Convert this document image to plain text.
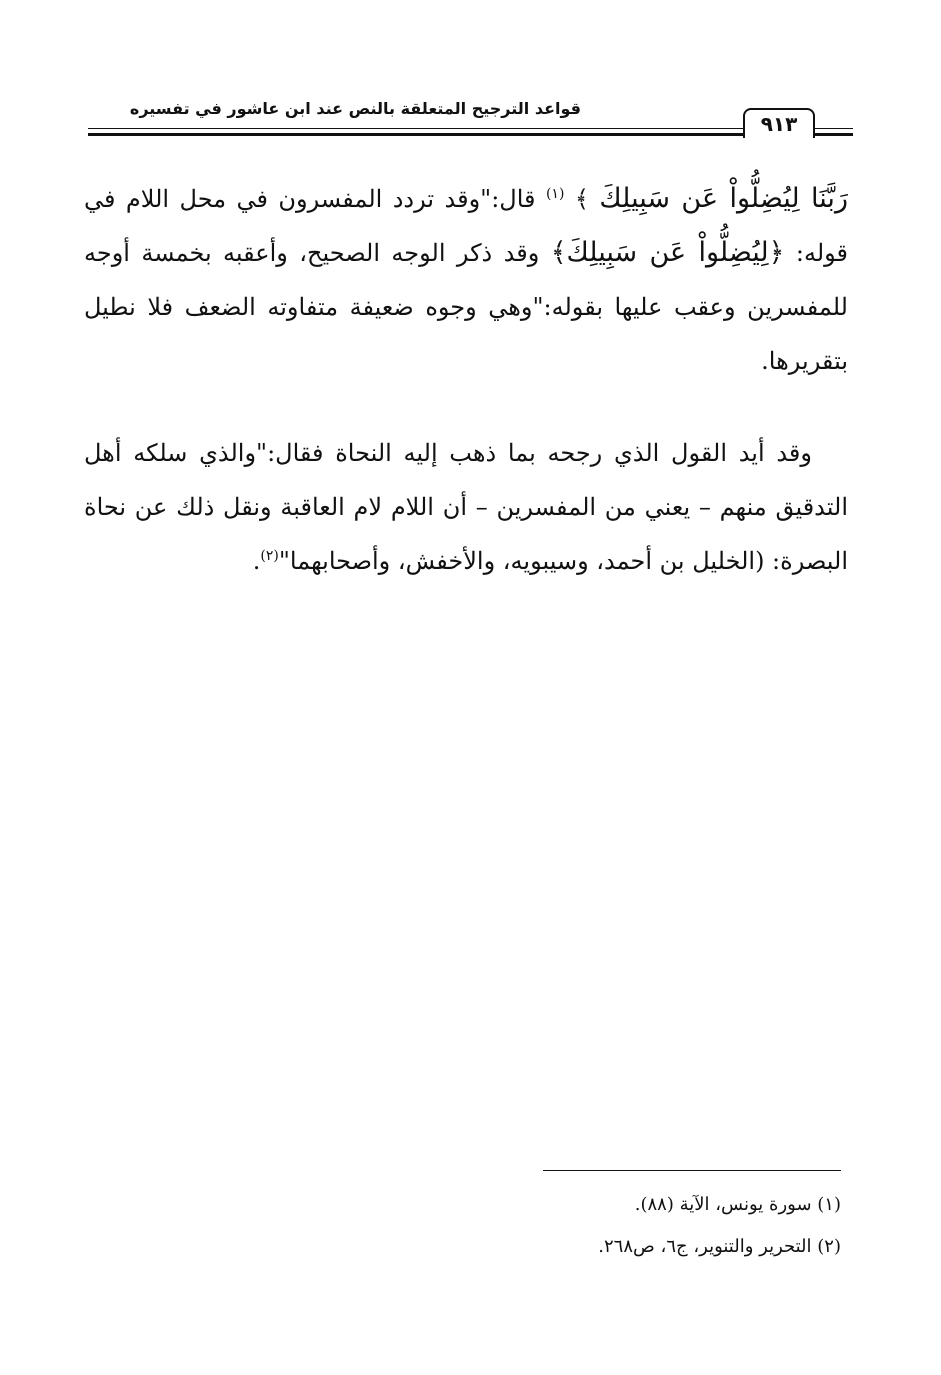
قواعد الترجيح المتعلقة بالنص عند ابن عاشور في تفسيره
٩١٣
رَبَّنَا لِيُضِلُّواْ عَن سَبِيلِكَ ﴾ $^{(١)}$ قال:"وقد تردد المفسرون في محل اللام في قوله: ﴿لِيُضِلُّواْ عَن سَبِيلِكَ﴾ وقد ذكر الوجه الصحيح، وأعقبه بخمسة أوجه للمفسرين وعقب عليها بقوله:"وهي وجوه ضعيفة متفاوته الضعف فلا نطيل بتقريرها.
وقد أيد القول الذي رجحه بما ذهب إليه النحاة فقال:"والذي سلكه أهل التدقيق منهم – يعني من المفسرين – أن اللام لام العاقبة ونقل ذلك عن نحاة البصرة: (الخليل بن أحمد، وسيبويه، والأخفش، وأصحابهما"$^{(٢)}$.
(١) سورة يونس، الآية (٨٨).
(٢) التحرير والتنوير، ج٦، ص٢٦٨.
